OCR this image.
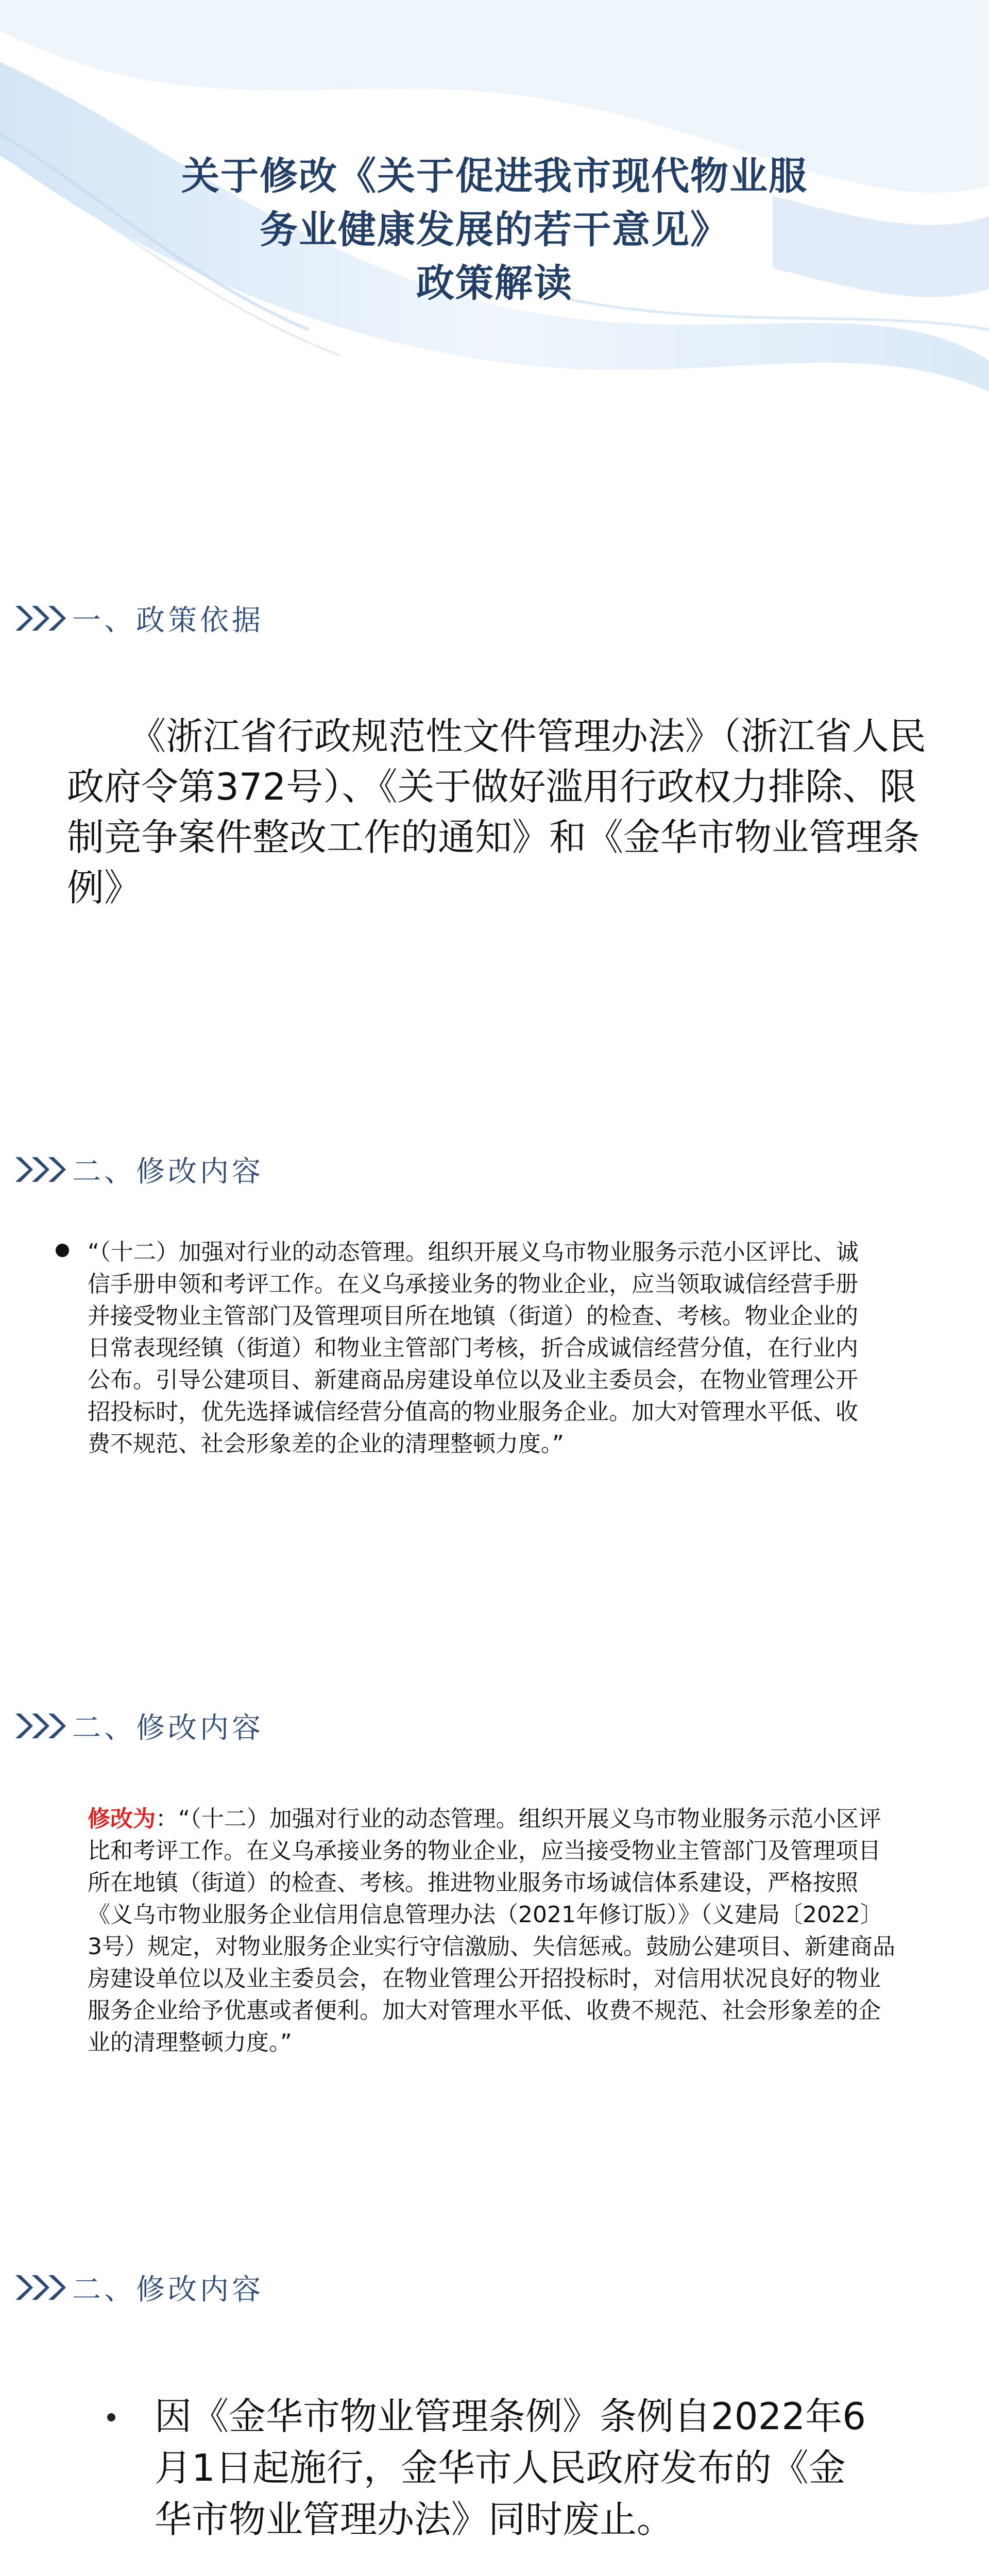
关于修改《关于促进我市现代物业服
务业健康发展的若干意见》
政策解读
一、政策依据
《浙江省行政规范性文件管理办法》（浙江省人民政府令第372号）、《关于做好滥用行政权力排除、限制竞争案件整改工作的通知》和《金华市物业管理条例》
二、修改内容
“（十二）加强对行业的动态管理。组织开展义乌市物业服务示范小区评比、诚信手册申领和考评工作。在义乌承接业务的物业企业，应当领取诚信经营手册并接受物业主管部门及管理项目所在地镇（街道）的检查、考核。物业企业的日常表现经镇（街道）和物业主管部门考核，折合成诚信经营分值，在行业内公布。引导公建项目、新建商品房建设单位以及业主委员会，在物业管理公开招投标时，优先选择诚信经营分值高的物业服务企业。加大对管理水平低、收费不规范、社会形象差的企业的清理整顿力度。”
二、修改内容
修改为：“（十二）加强对行业的动态管理。组织开展义乌市物业服务示范小区评比和考评工作。在义乌承接业务的物业企业，应当接受物业主管部门及管理项目所在地镇（街道）的检查、考核。推进物业服务市场诚信体系建设，严格按照《义乌市物业服务企业信用信息管理办法（2021年修订版）》（义建局〔2022〕3号）规定，对物业服务企业实行守信激励、失信惩戒。鼓励公建项目、新建商品房建设单位以及业主委员会，在物业管理公开招投标时，对信用状况良好的物业服务企业给予优惠或者便利。加大对管理水平低、收费不规范、社会形象差的企业的清理整顿力度。”
二、修改内容
因《金华市物业管理条例》条例自2022年6月1日起施行，金华市人民政府发布的《金华市物业管理办法》同时废止。
